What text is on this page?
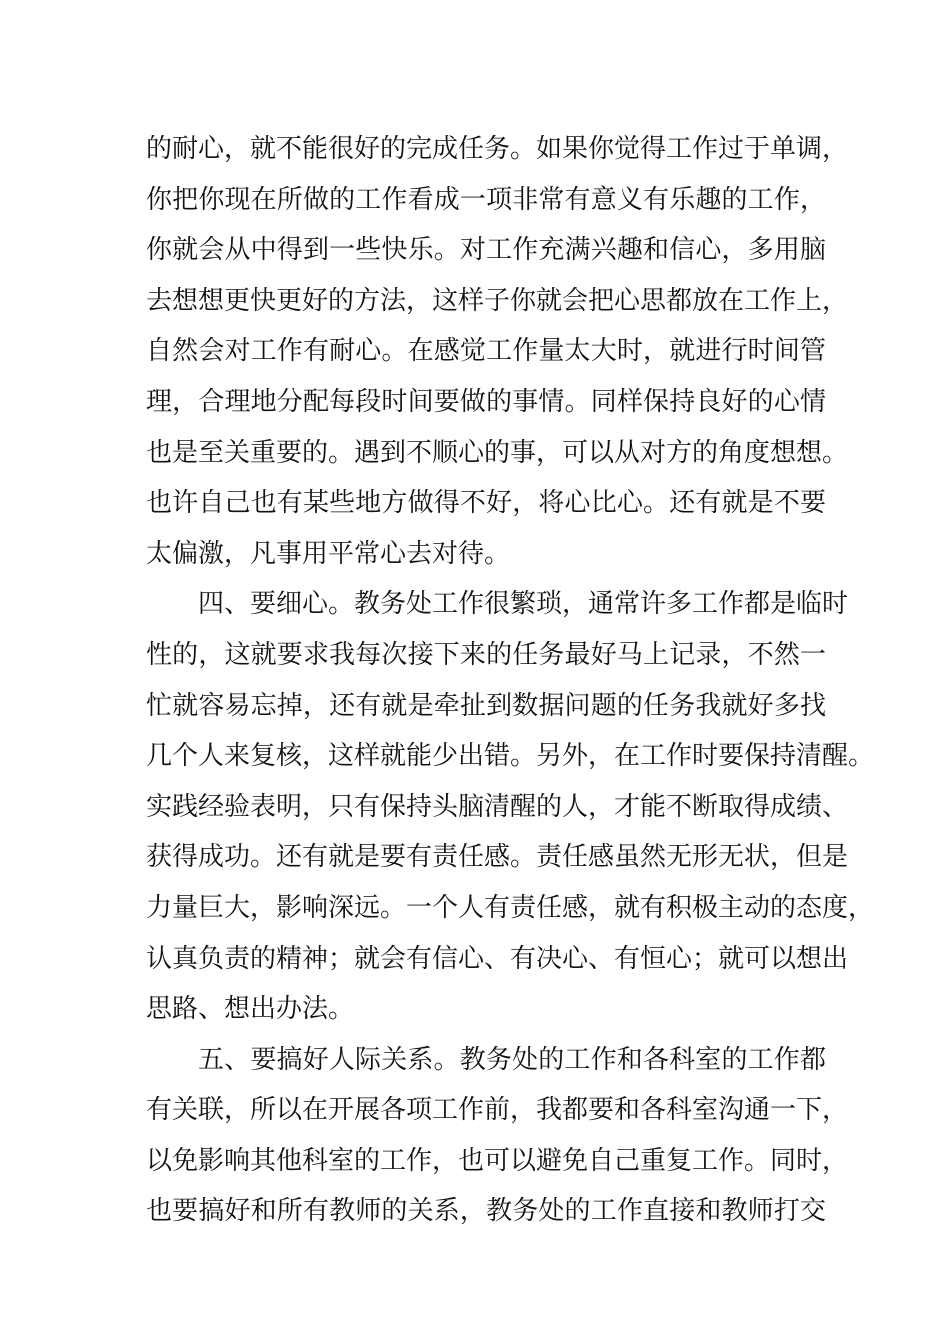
的耐心，就不能很好的完成任务。如果你觉得工作过于单调，
你把你现在所做的工作看成一项非常有意义有乐趣的工作，
你就会从中得到一些快乐。对工作充满兴趣和信心，多用脑
去想想更快更好的方法，这样子你就会把心思都放在工作上，
自然会对工作有耐心。在感觉工作量太大时，就进行时间管
理，合理地分配每段时间要做的事情。同样保持良好的心情
也是至关重要的。遇到不顺心的事，可以从对方的角度想想。
也许自己也有某些地方做得不好，将心比心。还有就是不要
太偏激，凡事用平常心去对待。
四、要细心。教务处工作很繁琐，通常许多工作都是临时
性的，这就要求我每次接下来的任务最好马上记录，不然一
忙就容易忘掉，还有就是牵扯到数据问题的任务我就好多找
几个人来复核，这样就能少出错。另外，在工作时要保持清醒。
实践经验表明，只有保持头脑清醒的人，才能不断取得成绩、
获得成功。还有就是要有责任感。责任感虽然无形无状，但是
力量巨大，影响深远。一个人有责任感，就有积极主动的态度，
认真负责的精神；就会有信心、有决心、有恒心；就可以想出
思路、想出办法。
五、要搞好人际关系。教务处的工作和各科室的工作都
有关联，所以在开展各项工作前，我都要和各科室沟通一下，
以免影响其他科室的工作，也可以避免自己重复工作。同时，
也要搞好和所有教师的关系，教务处的工作直接和教师打交
